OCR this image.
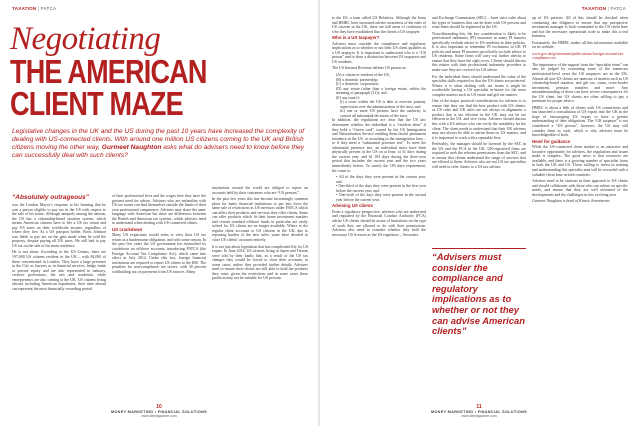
TAXATION | FATCA
Negotiating
THE AMERICAN
CLIENT MAZE
Legislative changes in the UK and the US during the past 10 years have increased the complexity of dealing with US-connected clients. With around one million US citizens coming to the UK and British citizens moving the other way, Gurmeet Naughton asks what do advisers need to know before they can successfully deal with such clients?
“Absolutely outrageous”

was the London Mayor’s response to his learning that he was a person eligible to pay tax in the US with respect to the sale of his home. Although uniquely among the nations, the US has a citizenship-based taxation system, which means American citizens have to file a US tax return and pay US taxes on their worldwide income, regardless of where they live. As a US passport holder, Boris Johnson was liable to pay tax on the gain made when he sold the property, despite paying all UK taxes. He still had to pay US tax on the sale of his main residence.

He is not alone. According to the US Census, there are 197,000 US citizens resident in the UK – with 84,000 of these concentrated in London. They have a large presence in the City as lawyers or in financial services, hedge funds or private equity and are also represented in industry, creative professions, the arts and academia, while entrepreneurs are also coming to the UK. US citizens living abroad, including American expatriates, their time abroad can represent the most financially rewarding period

of their professional lives and the wages here they have the greatest need for advice. Advisers who are unfamiliar with US tax issues can find themselves outside the limits of their own professional competence. Advisers may share the same language with American but there are differences between the British and American tax systems, which advisers need to understand when dealing with US-connected clients.

US crackdown

Many US expatriates would seem to view their US tax return as a burdensome obligation, and with some reason. In the past few years the US government has intensified its crackdown on offshore accounts, introducing FATCA (the Foreign Account Tax Compliance Act), which came into effect in July 2014. Under this law, foreign financial institutions are required to report US clients to the IRS. The penalties for non-compliance are severe, with 30 percent withholding tax on payments from US sources. Many

institutions around the world are obliged to report on accounts held by their customers who are “US persons”.

In the past few years this has become increasingly common place for many financial institutions to put into force the same sale of restrictions as US investors under FATCA which can affect their products and services they offer clients. Some can offer products which fit their home investment markets and certain standard offshore funds in particular are easily solved for US clients are no longer available. Where to the regular client accounts to US citizens in the UK, due to reporting burden of the new rules, some have decided to close US clients’ accounts entirely.

It is not just about legislation that has complicated life for US expats. In June 2014, US citizens living in Japan and Taiwan were told by their banks that, as a result of the US tax changes they would be forced to close their accounts, in some cases, unless they provided further details. Advisers need to ensure their clients are still able to hold the products they want, given the restrictions and in some cases these products may not be suitable for US persons.

10
MONEY MARKETING • FINANCIAL SOLUTIONS
www.ifamagazine.com
TAXATION | FATCA

to the US, a term called US Relatives. Although the firms and HMRC have increased adviser awareness of the rules of US citizens in the UK, there are still areas of confusion of who they have established that the clients a US taxpayer.

Who is a US taxpayer?

Advisers must consider the compliance and regulatory implications as to whether or not their US client qualifies as a US taxpayer. It is important to understand who is a “US person” and to draw a distinction between US taxpayers and US residents.

The US Internal Revenue defines US person as:

(A) a citizen or resident of the US;
(B) a domestic partnership;
(C) a domestic corporation;
(D) any estate (other than a foreign estate, within the meaning of paragraph (31)); and
(E) any trust if:
(i) a court within the US is able to exercise primary supervision over the administration of the trust, and
(ii) one or more US persons have the authority to control all substantial decisions of the trust.

In addition, the regulations are clear that the US law determines whether the individual is a “resident alien” if they hold a “Green card”, issued by the US Immigration and Naturalisation Service entitling them lawful permanent residence in the US, or according to the immigration laws – or if they meet a “substantial presence test”. To meet the substantial presence test, an individual must have been physically present in the US on at least: a) 31 days during the current year, and b) 183 days during the three-year period that includes the current year and the two years immediately before. To satisfy the 183 days requirement, the count is:

• All of the days they were present in the current year, and
• One-third of the days they were present in the first year before the current year, and
• One-sixth of the days they were present in the second year before the current year.
Advising US clients

From a regulatory perspective, advisers who are authorised and regulated by the Financial Conduct Authority (FCA) advise US clients should be aware of limitations on the type of work they are allowed to do with their permissions. Advisers also need to consider whether they hold the necessary US licences as the US regulators – Securities

and Exchange Commission (SEC) – have strict rules about the types of business that can be done with US persons and what firms should be registered in the US.

Notwithstanding this, the key consideration is likely to be professional indemnity (PI) insurance as many PI insurers specifically exclude advice to US residents in their policies. It is also important to remember PI exclusions in UK PI policies and many PI insurers specifically exclude advice to US residents. Some firms will carry out further checks to ensure that they have the right cover. Clients should discuss this matter with their professional indemnity providers to make sure they are covered for US advice.

For the individual firms should understand the value of the specialist skills required so that the US clients are protected. Where it is often dealing with tax issues it might be worthwhile having a US specialist in-house for the more complex matters such as US estate and gift tax matters.

One of the major practical considerations for advisers is to ensure that they can find the best product with US clients: as US rules and UK rules are not always in alignment, a product that is tax efficient in the UK may not be tax efficient in the US, and vice versa. Advisers should discuss this with a US adviser who can verify the suitability for the client. The client needs to understand that their UK advisers may not always be able to advise them on US matters, and it is important to work with a reputable firm.

Preferably, the manager should be licensed by the SEC in the US and the FCA in the UK. UK-registered firms are required to seek the relevant permissions from the SEC, and to ensure that clients understand the range of services that are offered to them. Advisers who are not US tax specialists will need to refer clients to a US tax adviser.

“Advisers must consider the compliance and regulatory implications as to whether or not they can advise American clients”

up of US persons. All of this should be checked when conducting due diligence to ensure that any prospective investment manager is both committed to the US client base and has the necessary operational scale to make this a real business.

Fortunately, the HMRC makes all this information available on its website:

www.gov.uk/government/publications/foreign-account-tax-compliance-act

The importance of the support from the “specialist team” can also be judged by examining some of the numerous professional-level cases the US taxpayers are in the UK. Almost all non-US clients are unaware of matters such as US citizenship-based taxation, and gift tax, trusts, cross-border investment, pension transfers and more. Any misunderstanding of these can have severe consequences for the US client, but US clients are often willing to pay a premium for proper advice.

HMRC is about a fifth of clients with US connections and has launched a consultation of US expats into the UK in the hope of encouraging US expats to have a greater understanding of their obligations. The “UK taxpayer” is not considered a “US person”, however, the US may still consider them as such, which is why advisers must be knowledgeable of both.

Need for guidance

While the US-connected client market is an attractive and lucrative opportunity for advisers, the regulations and issues make it complex. The good news is that resources are available, and there is a growing number of specialist firms in both the UK and US. Those willing to invest in training and understanding this specialist area will be rewarded with a valuable client base in both countries.

Advisers need to be cautious in their approach to US clients and should collaborate with those who can advise on specific needs, and ensure that they are well informed of the developments and the challenges in this evolving area.

Gurmeet Naughton is head of Kinetic Investments

11
MONEY MARKETING • FINANCIAL SOLUTIONS
www.ifamagazine.com
